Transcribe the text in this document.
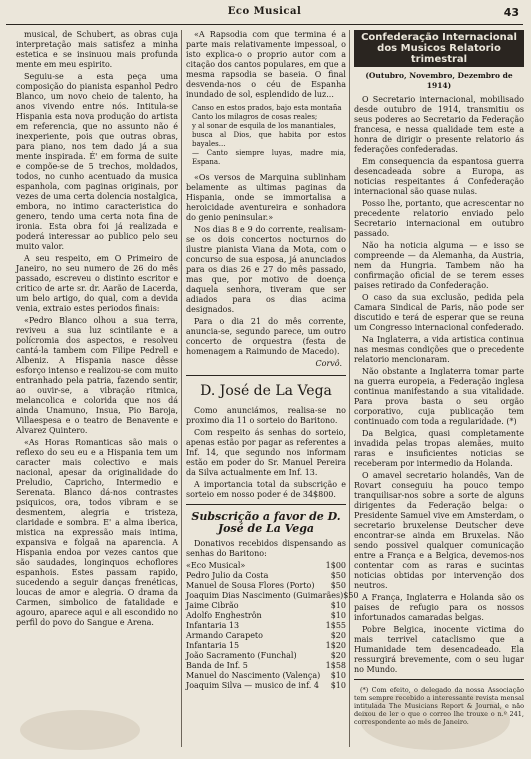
Eco Musical	43

musical, de Schubert, as obras cuja interpretação mais satisfez a minha estetica e se insinuou mais profunda mente em meu espirito.

Seguiu-se a esta peça uma composição do pianista espanhol Pedro Blanco, um novo cheio de talento, ha anos vivendo entre nós. Intitula-se Hispania esta nova produção do artista em referencia, que no assunto não é inexperiente, pois que outras obras, para piano, nos tem dado já a sua mente inspirada. É' em forma de suite e compõe-se de 5 trechos, moldados, todos, no cunho acentuado da musica espanhola, com paginas originais, por vezes de uma certa dolencia nostalgica, embora, no intimo caracteristica do genero, tendo uma certa nota fina de ironia. Esta obra foi já realizada e poderá interessar ao publico pelo seu muito valor.

A seu respeito, em O Primeiro de Janeiro, no seu numero de 26 do mês passado, escreveu o distinto escritor e critico de arte sr. dr. Aarão de Lacerda, um belo artigo, do qual, com a devida venia, extraio estes periodos finais:

«Pedro Blanco olhou a sua terra, reviveu a sua luz scintilante e a polícromia dos aspectos, e resolveu cantá-la tambem com Filipe Pedrell e Albeniz. A Hispania nasce dêsse esforço intenso e realizou-se com muito entranhado pela patria, fazendo sentir, ao ouvir-se, a vibração ritmica, melancolica e colorida que nos dá ainda Unamuno, Insua, Pio Baroja, Villaespesa e o teatro de Benavente e Alvarez Quintero.

«As Horas Romanticas são mais o reflexo do seu eu e a Hispania tem um caracter mais colectivo e mais nacional, apesar da originalidade do Preludio, Capricho, Intermedio e Serenata. Blanco dá-nos contrastes psiquicos, ora, todos vibram e se desmentem, alegria e tristeza, claridade e sombra. E' a alma iberica, mistica na expressão mais intima, expansiva e folgaã na aparencia. A Hispania endoa por vezes cantos que são saudades, longinquos echoflores espanhois. Estes passam rapido, sucedendo a seguir danças frenéticas, loucas de amor e alegria. O drama da Carmen, simbolico de fatalidade e agouro, aparece aqui e ali escondido no perfil do povo do Sangue e Arena.

«A Rapsodia com que termina é a parte mais relativamente impessoal, o isto explica-o o proprio autor com a citação dos cantos populares, em que a mesma rapsodia se baseia. O final desvenda-nos o céu de Espanha inundado de sol, esplendido de luz...

Canso en estos prados, bajo esta montaña
Canto los milagros de cosas reales;
y al sonar de esquila de los manantiales,
busca al Dios, que habita por estos bayales...
— Canto siempre luyas, madre mia, Espana.

«Os versos de Marquina sublinham belamente as ultimas paginas da Hispania, onde se immortalisa a heroicidade aventureira e sonhadora do genio peninsular.»

Nos dias 8 e 9 do corrente, realisam-se os dois concertos nocturnos do ilustre pianista Viana da Mota, com o concurso de sua esposa, já anunciados para os dias 26 e 27 do mês passado, mas que, por motivo de doença daquela senhora, tiveram que ser adiados para os dias acima designados.

Para o dia 21 do mês corrente, anuncia-se, segundo parece, um outro concerto de orquestra (festa de homenagem a Raimundo de Macedo).

Corvô.
D. José de La Vega

Como anunciámos, realisa-se no proximo dia 11 o sorteio do Baritono.

Com respeito ás senhas do sorteio, apenas estão por pagar as referentes a Inf. 14, que segundo nos informam estão em poder do Sr. Manuel Pereira da Silva actualmente em Inf. 13.

A importancia total da subscrição e sorteio em nosso poder é de 34$800.

Subscrição a favor de D. José de La Vega

Donativos recebidos dispensando as senhas do Baritono:

«Eco Musical»	1$00
Pedro Julio da Costa	$50
Manuel de Sousa Flores (Porto)	$50
Joaquim Dias Nascimento (Guimarães) $50
Jaime Cibrão	$10
Adolfo Enghestrôn	$10
Infantaria 13	1$55
Armando Carapeto	$20
Infantaria 15	1$20
João Sacramento (Funchal)	$20
Banda de Inf. 5	1$58
Manuel do Nascimento (Valença)	$10
Joaquim Silva — musico de inf. 4	$10
Confederação Internacional dos Musicos Relatorio trimestral
(Outubro, Novembro, Dezembro de 1914)

O Secretario internacional, mobilisado desde outubro de 1914, transmitiu os seus poderes ao Secretario da Federação francesa, e nessa qualidade tem este a honra de dirigir o presente relatorio ás federações confederadas.

Em consequencia da espantosa guerra desencadeada sobre a Europa, as noticias respeitantes á Confederação internacional são quase nulas.

Posso lhe, portanto, que acrescentar no precedente relatorio enviado pelo Secretario internacional em outubro passado.

Não ha noticia alguma — e isso se compreende — da Alemanha, da Austria, nem da Hungria. Tambem não ha confirmação oficial de se terem esses paises retirado da Confederação.

O caso da sua exclusão, pedida pela Camara Sindical de Paris, não pode ser discutido e terá de esperar que se reuna um Congresso internacional confederado.

Na Inglaterra, a vida artistica continua nas mesmas condições que o precedente relatorio mencionaram.

Não obstante a Inglaterra tomar parte na guerra europeia, a Federação inglesa continua manifestando a sua vitalidade. Para prova basta o seu orgão corporativo, cuja publicação tem continuado com toda a regularidade. (*)

Da Belgica, quasi completamente invadida pelas tropas alemães, muito raras e insuficientes noticias se receberam por intermedio da Holanda.

O amavel secretario holandês, Van de Rovart conseguiu ha pouco tempo tranquilisar-nos sobre a sorte de alguns dirigentes da Federação belga: o Presidente Samuel vive em Amsterdam, o secretario bruxelense Deutscher deve encontrar-se ainda em Bruxelas. Não sendo possivel qualquer comunicação entre a França e a Belgica, devemos-nos contentar com as raras e sucintas noticias obtidas por intervenção dos neutros.

A França, Inglaterra e Holanda são os paises de refugio para os nossos infortunados camaradas belgas.

Pobre Belgica, inocente victima do mais terrivel cataclismo que a Humanidade tem desencadeado. Ela ressurgirá brevemente, com o seu lugar no Mundo.

(*) Com efeito, o delegado da nossa Associação tem sempre recebido a interessante revista mensal intitulada The Musicians Report & Journal, e não deixou de ler o que o correo lhe trouxe o n.º 241, correspondente ao mês de Janeiro.
